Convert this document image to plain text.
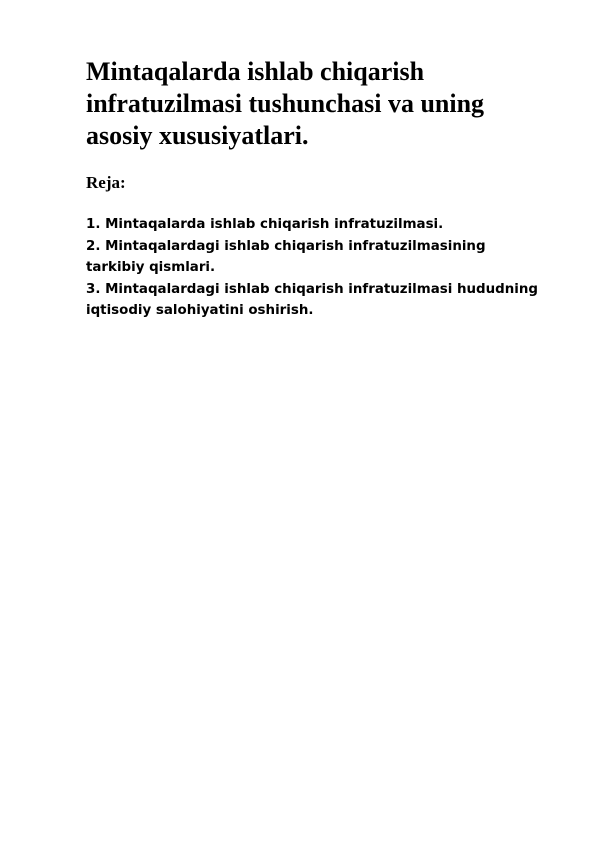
Mintaqalarda ishlab chiqarish infratuzilmasi tushunchasi va uning asosiy xususiyatlari.
Reja:
1. Mintaqalarda ishlab chiqarish infratuzilmasi.
2. Mintaqalardagi ishlab chiqarish infratuzilmasining tarkibiy qismlari.
3. Mintaqalardagi ishlab chiqarish infratuzilmasi hududning iqtisodiy salohiyatini oshirish.
